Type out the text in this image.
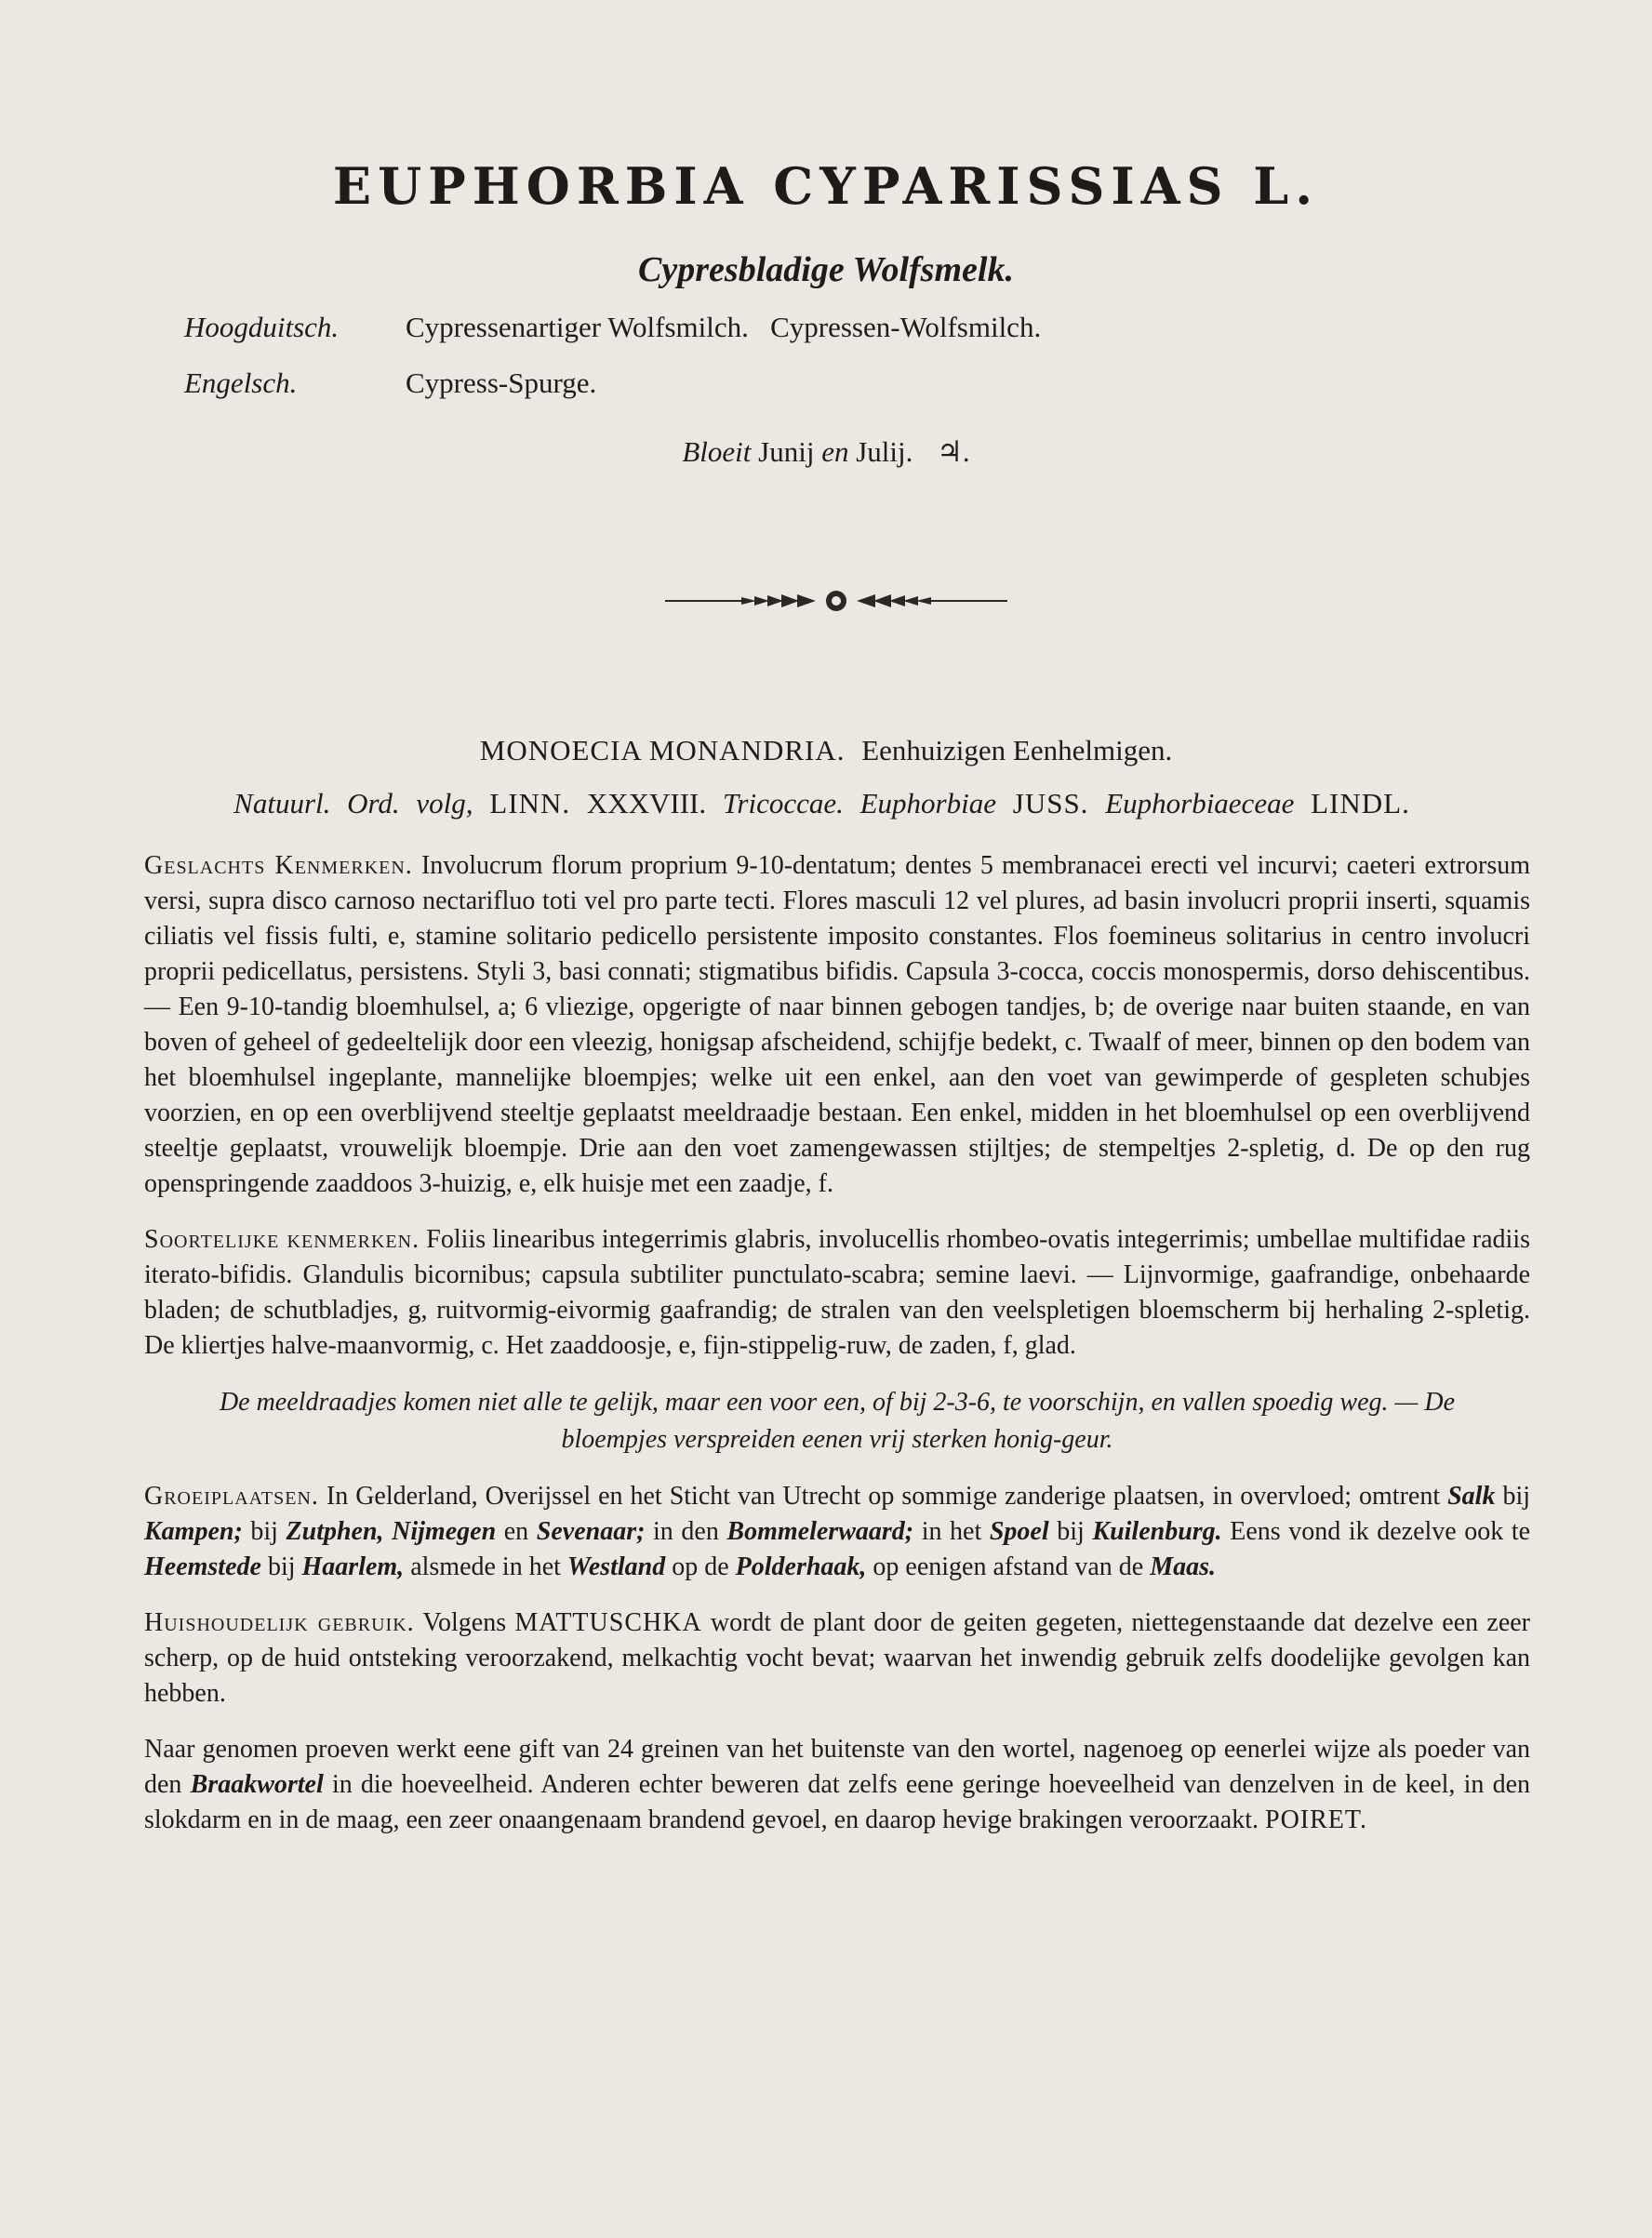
EUPHORBIA CYPARISSIAS L.
Cypresbladige Wolfsmelk.
Hoogduitsch. Cypressenartiger Wolfsmilch.   Cypressen-Wolfsmilch.
Engelsch.	Cypress-Spurge.
Bloeit Junij en Julij. ♃.
MONOECIA MONANDRIA. Eenhuizigen Eenhelmigen.
Natuurl. Ord. volg, LINN. XXXVIII. Tricoccae. Euphorbiae JUSS. Euphorbiaeceae LINDL.

Geslachts Kenmerken. Involucrum florum proprium 9-10-dentatum; dentes 5 membranacei erecti vel incurvi; caeteri extrorsum versi, supra disco carnoso nectarifluo toti vel pro parte tecti. Flores masculi 12 vel plures, ad basin involucri proprii inserti, squamis ciliatis vel fissis fulti, e, stamine solitario pedicello persistente imposito constantes. Flos foemineus solitarius in centro involucri proprii pedicellatus, persistens. Styli 3, basi connati; stigmatibus bifidis. Capsula 3-cocca, coccis monospermis, dorso dehiscentibus. — Een 9-10-tandig bloemhulsel, a; 6 vliezige, opgerigte of naar binnen gebogen tandjes, b; de overige naar buiten staande, en van boven of geheel of gedeeltelijk door een vleezig, honigsap afscheidend, schijfje bedekt, c. Twaalf of meer, binnen op den bodem van het bloemhulsel ingeplante, mannelijke bloempjes; welke uit een enkel, aan den voet van gewimperde of gespleten schubjes voorzien, en op een overblijvend steeltje geplaatst meeldraadje bestaan. Een enkel, midden in het bloemhulsel op een overblijvend steeltje geplaatst, vrouwelijk bloempje. Drie aan den voet zamengewassen stijltjes; de stempeltjes 2-spletig, d. De op den rug openspringende zaaddoos 3-huizig, e, elk huisje met een zaadje, f.

Soortelijke kenmerken. Foliis linearibus integerrimis glabris, involucellis rhombeo-ovatis integerrimis; umbellae multifidae radiis iterato-bifidis. Glandulis bicornibus; capsula subtiliter punctulato-scabra; semine laevi. — Lijnvormige, gaafrandige, onbehaarde bladen; de schutbladjes, g, ruitvormig-eivormig gaafrandig; de stralen van den veelspletigen bloemscherm bij herhaling 2-spletig. De kliertjes halve-maanvormig, c. Het zaaddoosje, e, fijn-stippelig-ruw, de zaden, f, glad.

De meeldraadjes komen niet alle te gelijk, maar een voor een, of bij 2-3-6, te voorschijn, en vallen spoedig weg. — De bloempjes verspreiden eenen vrij sterken honig-geur.

Groeiplaatsen. In Gelderland, Overijssel en het Sticht van Utrecht op sommige zanderige plaatsen, in overvloed; omtrent Salk bij Kampen; bij Zutphen, Nijmegen en Sevenaar; in den Bommelerwaard; in het Spoel bij Kuilenburg. Eens vond ik dezelve ook te Heemstede bij Haarlem, alsmede in het Westland op de Polderhaak, op eenigen afstand van de Maas.

Huishoudelijk gebruik. Volgens MATTUSCHKA wordt de plant door de geiten gegeten, niettegenstaande dat dezelve een zeer scherp, op de huid ontsteking veroorzakend, melkachtig vocht bevat; waarvan het inwendig gebruik zelfs doodelijke gevolgen kan hebben.

Naar genomen proeven werkt eene gift van 24 greinen van het buitenste van den wortel, nagenoeg op eenerlei wijze als poeder van den Braakwortel in die hoeveelheid. Anderen echter beweren dat zelfs eene geringe hoeveelheid van denzelven in de keel, in den slokdarm en in de maag, een zeer onaangenaam brandend gevoel, en daarop hevige brakingen veroorzaakt. POIRET.
